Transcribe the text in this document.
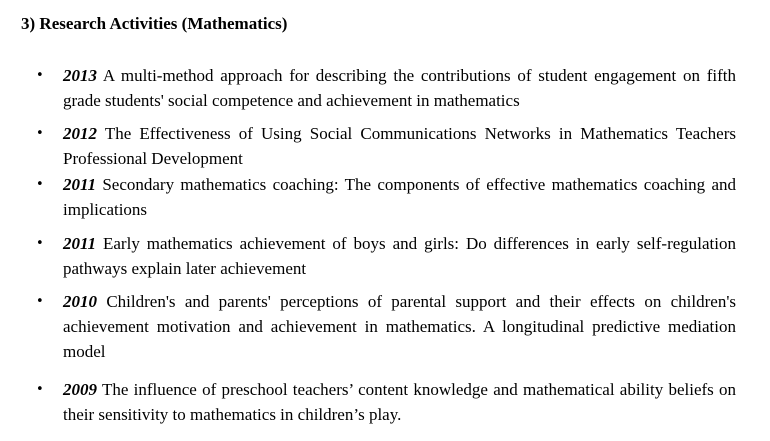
3) Research Activities (Mathematics)
• 2013 A multi-method approach for describing the contributions of student engagement on fifth grade students' social competence and achievement in mathematics
• 2012 The Effectiveness of Using Social Communications Networks in Mathematics Teachers Professional Development
• 2011 Secondary mathematics coaching: The components of effective mathematics coaching and implications
• 2011 Early mathematics achievement of boys and girls: Do differences in early self-regulation pathways explain later achievement
• 2010 Children's and parents' perceptions of parental support and their effects on children's achievement motivation and achievement in mathematics. A longitudinal predictive mediation model
• 2009 The influence of preschool teachers’ content knowledge and mathematical ability beliefs on their sensitivity to mathematics in children’s play.
